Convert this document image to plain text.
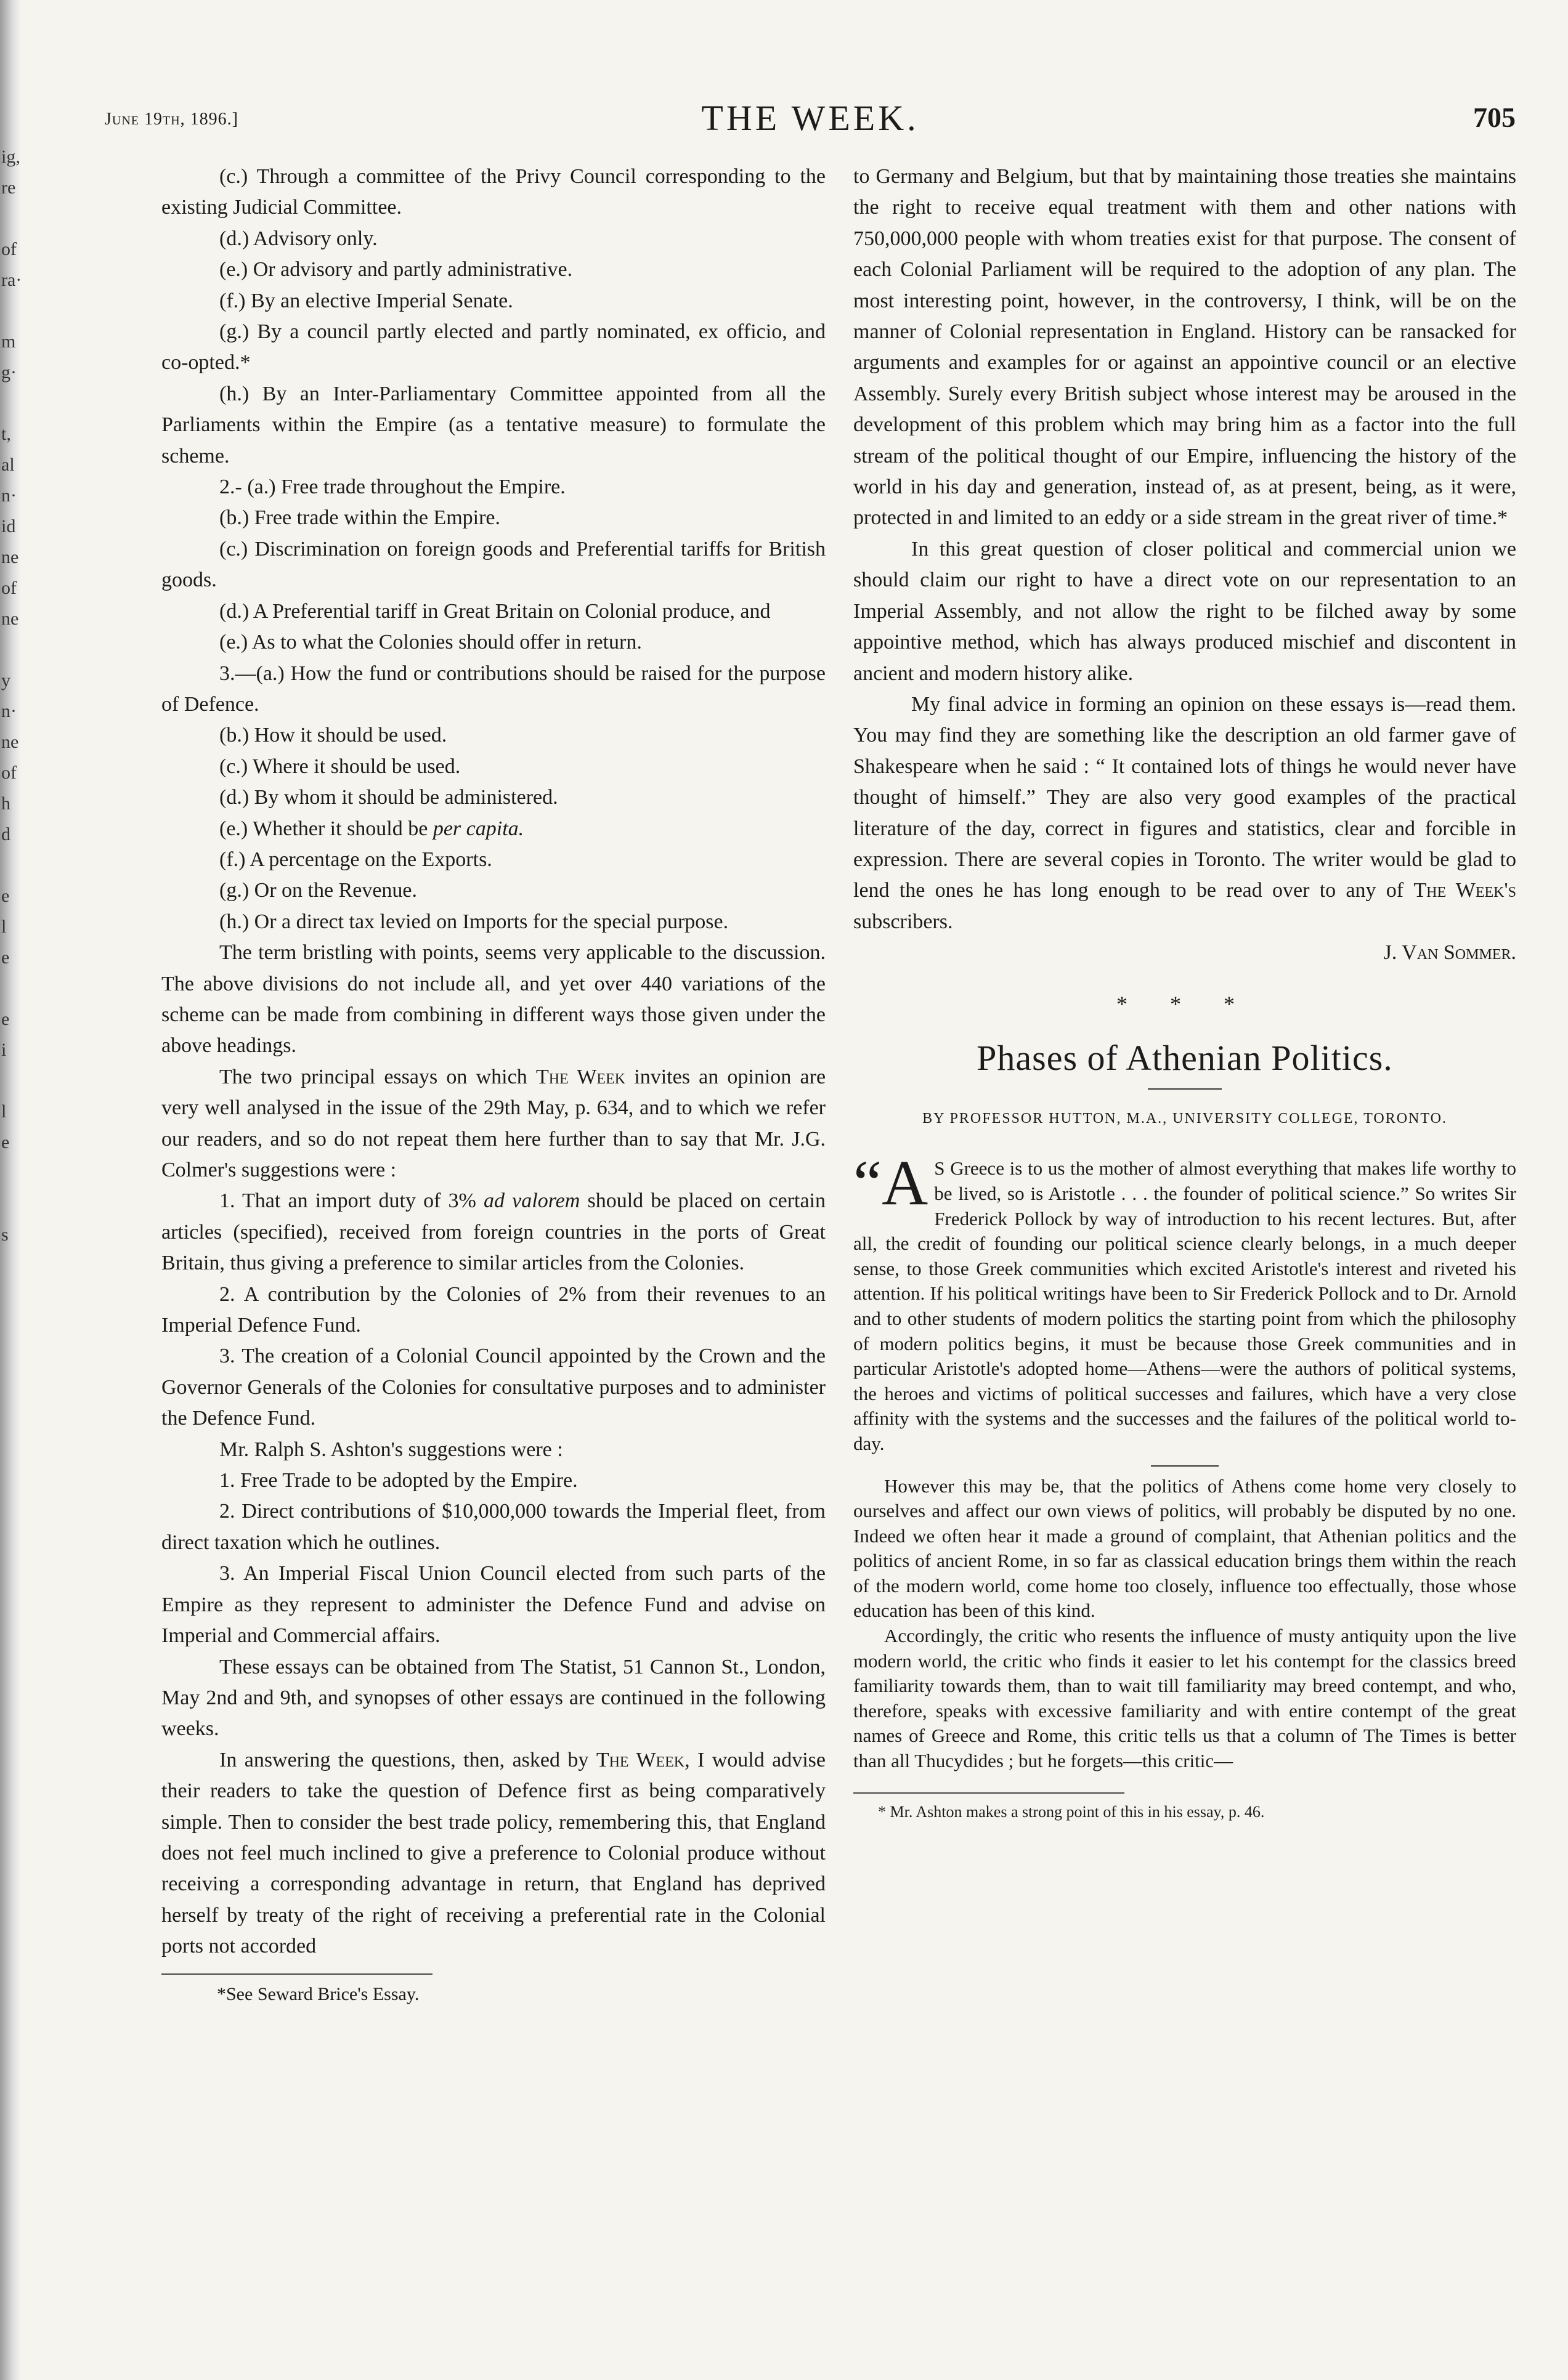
ig,
re
of
ra·
m
g·
t,
al
n·
id
ne
of
ne
y
n·
ne
of
h
d
e
l
e
e
i
l
e
s
June 19th, 1896.]	THE WEEK.	705

(c.) Through a committee of the Privy Council corresponding to the existing Judicial Committee.

(d.) Advisory only.

(e.) Or advisory and partly administrative.

(f.) By an elective Imperial Senate.

(g.) By a council partly elected and partly nominated, ex officio, and co-opted.*

(h.) By an Inter-Parliamentary Committee appointed from all the Parliaments within the Empire (as a tentative measure) to formulate the scheme.

2.- (a.) Free trade throughout the Empire.

(b.) Free trade within the Empire.

(c.) Discrimination on foreign goods and Preferential tariffs for British goods.

(d.) A Preferential tariff in Great Britain on Colonial produce, and

(e.) As to what the Colonies should offer in return.

3.—(a.) How the fund or contributions should be raised for the purpose of Defence.

(b.) How it should be used.

(c.) Where it should be used.

(d.) By whom it should be administered.

(e.) Whether it should be per capita.

(f.) A percentage on the Exports.

(g.) Or on the Revenue.

(h.) Or a direct tax levied on Imports for the special purpose.

The term bristling with points, seems very applicable to the discussion. The above divisions do not include all, and yet over 440 variations of the scheme can be made from combining in different ways those given under the above headings.

The two principal essays on which The Week invites an opinion are very well analysed in the issue of the 29th May, p. 634, and to which we refer our readers, and so do not repeat them here further than to say that Mr. J.G. Colmer's suggestions were :

1. That an import duty of 3% ad valorem should be placed on certain articles (specified), received from foreign countries in the ports of Great Britain, thus giving a preference to similar articles from the Colonies.

2. A contribution by the Colonies of 2% from their revenues to an Imperial Defence Fund.

3. The creation of a Colonial Council appointed by the Crown and the Governor Generals of the Colonies for consultative purposes and to administer the Defence Fund.

Mr. Ralph S. Ashton's suggestions were :

1. Free Trade to be adopted by the Empire.

2. Direct contributions of $10,000,000 towards the Imperial fleet, from direct taxation which he outlines.

3. An Imperial Fiscal Union Council elected from such parts of the Empire as they represent to administer the Defence Fund and advise on Imperial and Commercial affairs.

These essays can be obtained from The Statist, 51 Cannon St., London, May 2nd and 9th, and synopses of other essays are continued in the following weeks.

In answering the questions, then, asked by The Week, I would advise their readers to take the question of Defence first as being comparatively simple. Then to consider the best trade policy, remembering this, that England does not feel much inclined to give a preference to Colonial produce without receiving a corresponding advantage in return, that England has deprived herself by treaty of the right of receiving a preferential rate in the Colonial ports not accorded

*See Seward Brice's Essay.

to Germany and Belgium, but that by maintaining those treaties she maintains the right to receive equal treatment with them and other nations with 750,000,000 people with whom treaties exist for that purpose. The consent of each Colonial Parliament will be required to the adoption of any plan. The most interesting point, however, in the controversy, I think, will be on the manner of Colonial representation in England. History can be ransacked for arguments and examples for or against an appointive council or an elective Assembly. Surely every British subject whose interest may be aroused in the development of this problem which may bring him as a factor into the full stream of the political thought of our Empire, influencing the history of the world in his day and generation, instead of, as at present, being, as it were, protected in and limited to an eddy or a side stream in the great river of time.*

In this great question of closer political and commercial union we should claim our right to have a direct vote on our representation to an Imperial Assembly, and not allow the right to be filched away by some appointive method, which has always produced mischief and discontent in ancient and modern history alike.

My final advice in forming an opinion on these essays is—read them. You may find they are something like the description an old farmer gave of Shakespeare when he said : “ It contained lots of things he would never have thought of himself.” They are also very good examples of the practical literature of the day, correct in figures and statistics, clear and forcible in expression. There are several copies in Toronto. The writer would be glad to lend the ones he has long enough to be read over to any of The Week's subscribers.

J. Van Sommer.

* * *
Phases of Athenian Politics.
BY PROFESSOR HUTTON, M.A., UNIVERSITY COLLEGE, TORONTO.

“A S Greece is to us the mother of almost everything that makes life worthy to be lived, so is Aristotle . . . the founder of political science.” So writes Sir Frederick Pollock by way of introduction to his recent lectures. But, after all, the credit of founding our political science clearly belongs, in a much deeper sense, to those Greek communities which excited Aristotle's interest and riveted his attention. If his political writings have been to Sir Frederick Pollock and to Dr. Arnold and to other students of modern politics the starting point from which the philosophy of modern politics begins, it must be because those Greek communities and in particular Aristotle's adopted home—Athens—were the authors of political systems, the heroes and victims of political successes and failures, which have a very close affinity with the systems and the successes and the failures of the political world to-day.

However this may be, that the politics of Athens come home very closely to ourselves and affect our own views of politics, will probably be disputed by no one. Indeed we often hear it made a ground of complaint, that Athenian politics and the politics of ancient Rome, in so far as classical education brings them within the reach of the modern world, come home too closely, influence too effectually, those whose education has been of this kind.

Accordingly, the critic who resents the influence of musty antiquity upon the live modern world, the critic who finds it easier to let his contempt for the classics breed familiarity towards them, than to wait till familiarity may breed contempt, and who, therefore, speaks with excessive familiarity and with entire contempt of the great names of Greece and Rome, this critic tells us that a column of The Times is better than all Thucydides ; but he forgets—this critic—

* Mr. Ashton makes a strong point of this in his essay, p. 46.
